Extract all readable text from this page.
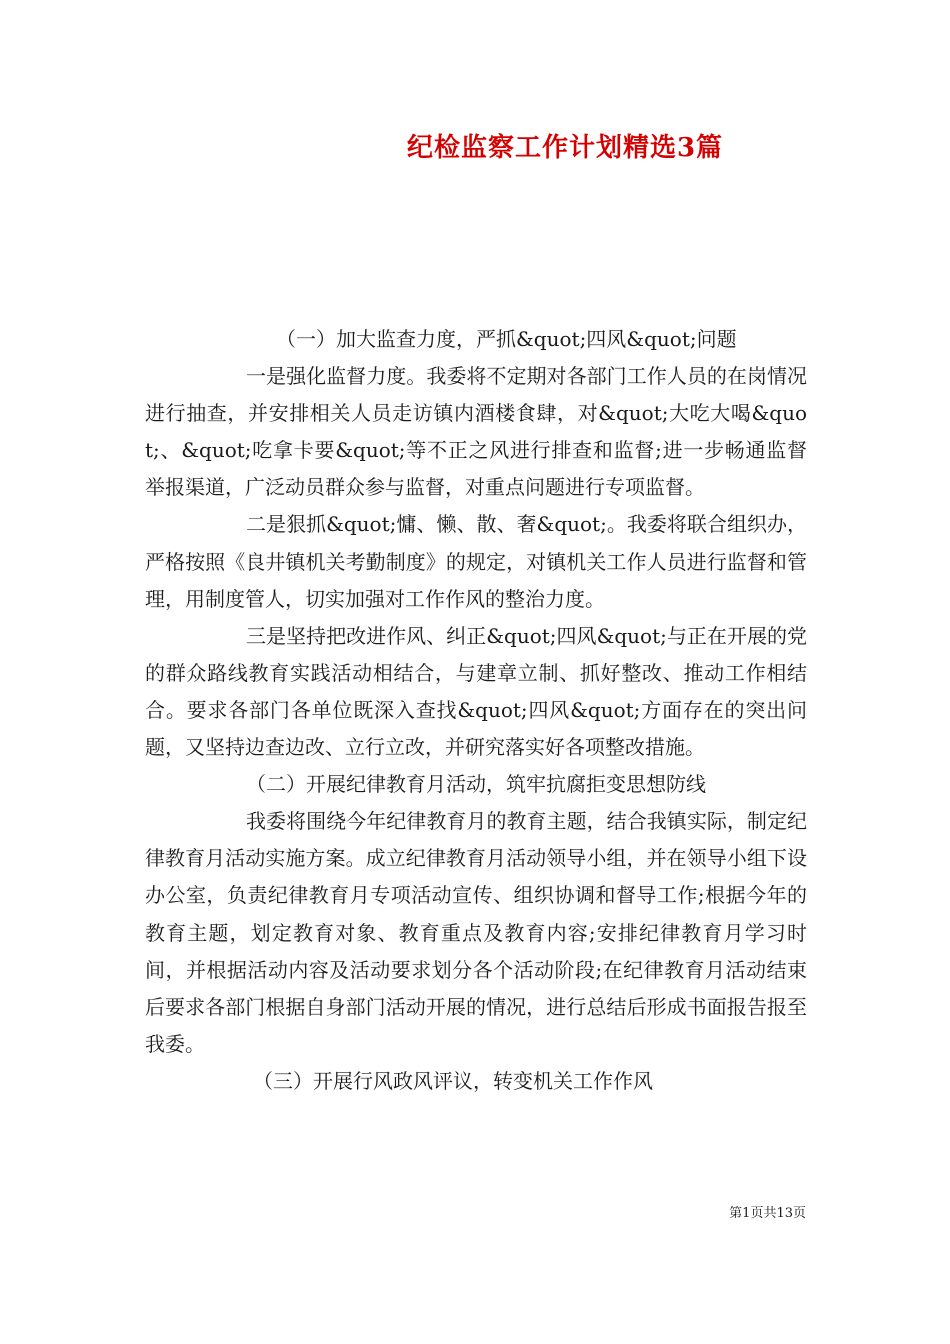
纪检监察工作计划精选3篇

（一）加大监查力度，严抓&quot;四风&quot;问题

一是强化监督力度。我委将不定期对各部门工作人员的在岗情况进行抽查，并安排相关人员走访镇内酒楼食肆，对&quot;大吃大喝&quot;、&quot;吃拿卡要&quot;等不正之风进行排查和监督;进一步畅通监督举报渠道，广泛动员群众参与监督，对重点问题进行专项监督。

二是狠抓&quot;慵、懒、散、奢&quot;。我委将联合组织办，严格按照《良井镇机关考勤制度》的规定，对镇机关工作人员进行监督和管理，用制度管人，切实加强对工作作风的整治力度。

三是坚持把改进作风、纠正&quot;四风&quot;与正在开展的党的群众路线教育实践活动相结合，与建章立制、抓好整改、推动工作相结合。要求各部门各单位既深入查找&quot;四风&quot;方面存在的突出问题，又坚持边查边改、立行立改，并研究落实好各项整改措施。

（二）开展纪律教育月活动，筑牢抗腐拒变思想防线

我委将围绕今年纪律教育月的教育主题，结合我镇实际，制定纪律教育月活动实施方案。成立纪律教育月活动领导小组，并在领导小组下设办公室，负责纪律教育月专项活动宣传、组织协调和督导工作;根据今年的教育主题，划定教育对象、教育重点及教育内容;安排纪律教育月学习时间，并根据活动内容及活动要求划分各个活动阶段;在纪律教育月活动结束后要求各部门根据自身部门活动开展的情况，进行总结后形成书面报告报至我委。

（三）开展行风政风评议，转变机关工作作风

第1页共13页
